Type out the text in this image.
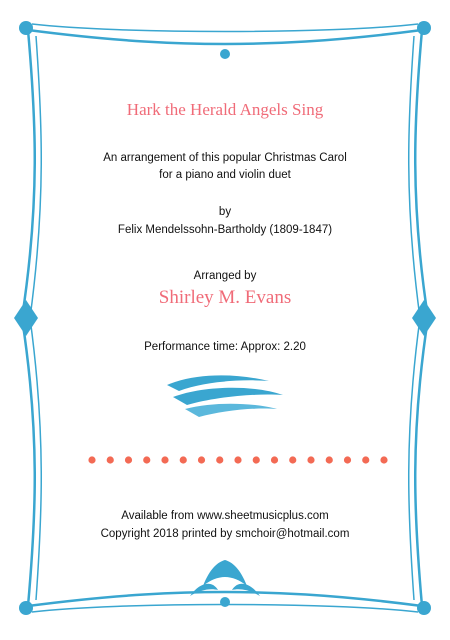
Hark the Herald Angels Sing
An arrangement of this popular Christmas Carol
for a piano and violin duet
by
Felix Mendelssohn-Bartholdy (1809-1847)
Arranged by
Shirley M. Evans
Performance time: Approx: 2.20
Available from www.sheetmusicplus.com
Copyright 2018 printed by smchoir@hotmail.com
